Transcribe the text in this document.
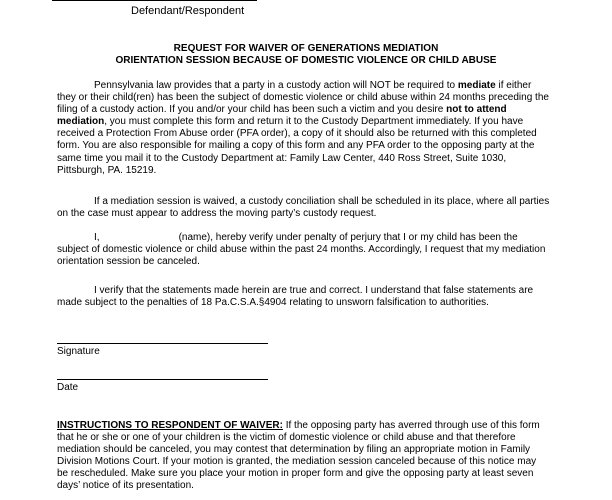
Defendant/Respondent
REQUEST FOR WAIVER OF GENERATIONS MEDIATION
ORIENTATION SESSION BECAUSE OF DOMESTIC VIOLENCE OR CHILD ABUSE

Pennsylvania law provides that a party in a custody action will NOT be required to mediate if either they or their child(ren) has been the subject of domestic violence or child abuse within 24 months preceding the filing of a custody action. If you and/or your child has been such a victim and you desire not to attend mediation, you must complete this form and return it to the Custody Department immediately. If you have received a Protection From Abuse order (PFA order), a copy of it should also be returned with this completed form. You are also responsible for mailing a copy of this form and any PFA order to the opposing party at the same time you mail it to the Custody Department at: Family Law Center, 440 Ross Street, Suite 1030, Pittsburgh, PA. 15219.

If a mediation session is waived, a custody conciliation shall be scheduled in its place, where all parties on the case must appear to address the moving party’s custody request.

I,	(name), hereby verify under penalty of perjury that I or my child has been the subject of domestic violence or child abuse within the past 24 months. Accordingly, I request that my mediation orientation session be canceled.

I verify that the statements made herein are true and correct. I understand that false statements are made subject to the penalties of 18 Pa.C.S.A.§4904 relating to unsworn falsification to authorities.

Signature
Date

INSTRUCTIONS TO RESPONDENT OF WAIVER: If the opposing party has averred through use of this form that he or she or one of your children is the victim of domestic violence or child abuse and that therefore mediation should be canceled, you may contest that determination by filing an appropriate motion in Family Division Motions Court. If your motion is granted, the mediation session canceled because of this notice may be rescheduled. Make sure you place your motion in proper form and give the opposing party at least seven days’ notice of its presentation.
